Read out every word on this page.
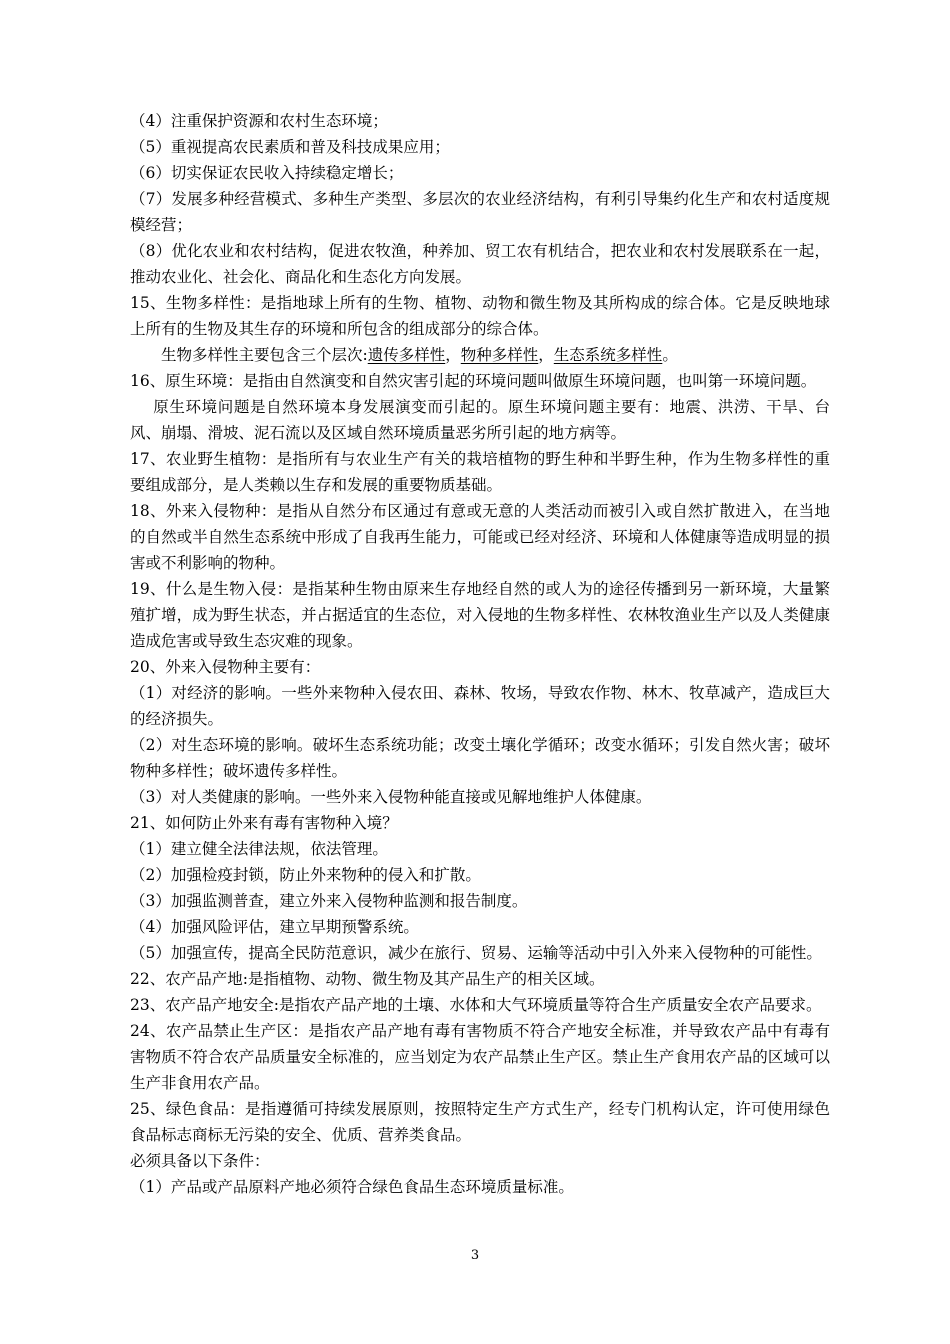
（4）注重保护资源和农村生态环境；

（5）重视提高农民素质和普及科技成果应用；

（6）切实保证农民收入持续稳定增长；

（7）发展多种经营模式、多种生产类型、多层次的农业经济结构，有利引导集约化生产和农村适度规模经营；

（8）优化农业和农村结构，促进农牧渔，种养加、贸工农有机结合，把农业和农村发展联系在一起，推动农业化、社会化、商品化和生态化方向发展。

15、生物多样性：是指地球上所有的生物、植物、动物和微生物及其所构成的综合体。它是反映地球上所有的生物及其生存的环境和所包含的组成部分的综合体。

生物多样性主要包含三个层次:遗传多样性，物种多样性，生态系统多样性。

16、原生环境：是指由自然演变和自然灾害引起的环境问题叫做原生环境问题，也叫第一环境问题。

原生环境问题是自然环境本身发展演变而引起的。原生环境问题主要有：地震、洪涝、干旱、台风、崩塌、滑坡、泥石流以及区域自然环境质量恶劣所引起的地方病等。

17、农业野生植物：是指所有与农业生产有关的栽培植物的野生种和半野生种，作为生物多样性的重要组成部分，是人类赖以生存和发展的重要物质基础。

18、外来入侵物种：是指从自然分布区通过有意或无意的人类活动而被引入或自然扩散进入，在当地的自然或半自然生态系统中形成了自我再生能力，可能或已经对经济、环境和人体健康等造成明显的损害或不利影响的物种。

19、什么是生物入侵：是指某种生物由原来生存地经自然的或人为的途径传播到另一新环境，大量繁殖扩增，成为野生状态，并占据适宜的生态位，对入侵地的生物多样性、农林牧渔业生产以及人类健康造成危害或导致生态灾难的现象。

20、外来入侵物种主要有：

（1）对经济的影响。一些外来物种入侵农田、森林、牧场，导致农作物、林木、牧草减产，造成巨大的经济损失。

（2）对生态环境的影响。破坏生态系统功能；改变土壤化学循环；改变水循环；引发自然火害；破坏物种多样性；破坏遗传多样性。

（3）对人类健康的影响。一些外来入侵物种能直接或见解地维护人体健康。

21、如何防止外来有毒有害物种入境？

（1）建立健全法律法规，依法管理。

（2）加强检疫封锁，防止外来物种的侵入和扩散。

（3）加强监测普查，建立外来入侵物种监测和报告制度。

（4）加强风险评估，建立早期预警系统。

（5）加强宣传，提高全民防范意识，减少在旅行、贸易、运输等活动中引入外来入侵物种的可能性。

22、农产品产地:是指植物、动物、微生物及其产品生产的相关区域。

23、农产品产地安全:是指农产品产地的土壤、水体和大气环境质量等符合生产质量安全农产品要求。

24、农产品禁止生产区：是指农产品产地有毒有害物质不符合产地安全标准，并导致农产品中有毒有害物质不符合农产品质量安全标准的，应当划定为农产品禁止生产区。禁止生产食用农产品的区域可以生产非食用农产品。

25、绿色食品：是指遵循可持续发展原则，按照特定生产方式生产，经专门机构认定，许可使用绿色食品标志商标无污染的安全、优质、营养类食品。

必须具备以下条件：

（1）产品或产品原料产地必须符合绿色食品生态环境质量标准。

3
